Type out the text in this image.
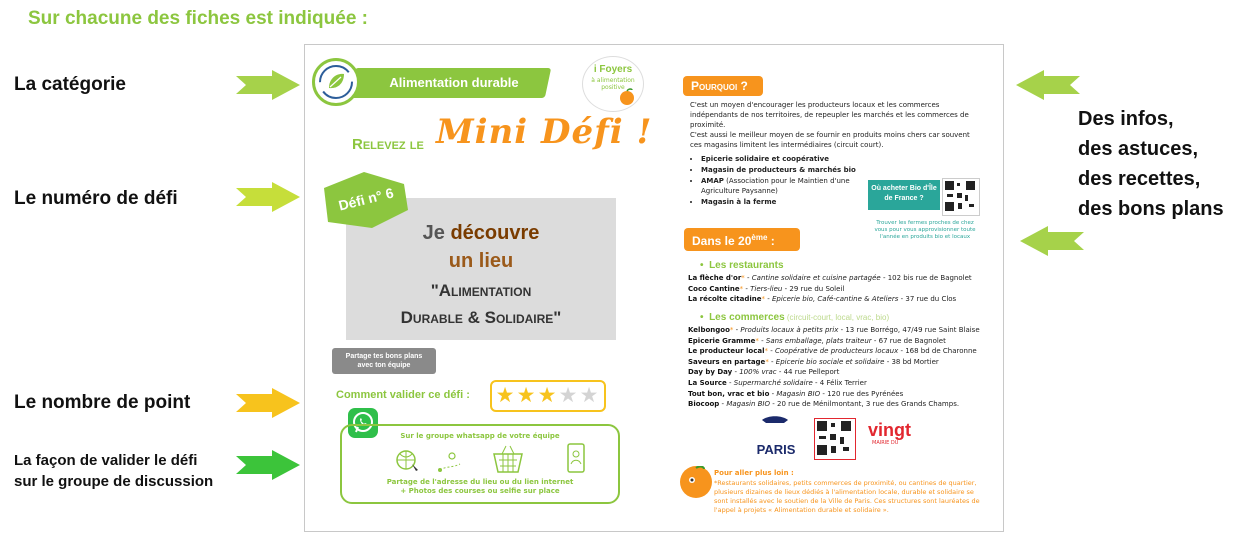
Sur chacune des fiches est indiquée :
La catégorie
Le numéro de défi
Le nombre de point
La façon de valider le défi
sur le groupe de discussion
Des infos,
des astuces,
des recettes,
des bons plans
Alimentation durable
i Foyers
à alimentation positive
Relevez le Mini Défi !
Défi n° 6
Je découvre
un lieu
"Alimentation
Durable & Solidaire"
Partage tes bons plans
avec ton équipe
Comment valider ce défi : ★ ★ ★ ★ ★
Sur le groupe whatsapp de votre équipe
Partage de l'adresse du lieu ou du lien internet
+ Photos des courses ou selfie sur place
Pourquoi ?
C'est un moyen d'encourager les producteurs locaux et les commerces indépendants de nos territoires, de repeupler les marchés et les commerces de proximité.
C'est aussi le meilleur moyen de se fournir en produits moins chers car souvent ces magasins limitent les intermédiaires (circuit court).
• Epicerie solidaire et coopérative
• Magasin de producteurs & marchés bio
• AMAP (Association pour le Maintien d'une Agriculture Paysanne)
• Magasin à la ferme
Où acheter Bio d'Île de France ?
Trouver les fermes proches de chez vous pour vous approvisionner toute l'année en produits bio et locaux
Dans le 20ème :
•  Les restaurants
La flèche d'or* - Cantine solidaire et cuisine partagée - 102 bis rue de Bagnolet
Coco Cantine* - Tiers-lieu - 29 rue du Soleil
La récolte citadine* - Epicerie bio, Café-cantine & Ateliers - 37 rue du Clos
•  Les commerces (circuit-court, local, vrac, bio)
Kelbongoo* - Produits locaux à petits prix - 13 rue Borrégo, 47/49 rue Saint Blaise
Epicerie Gramme* - Sans emballage, plats traiteur - 67 rue de Bagnolet
Le producteur local* - Coopérative de producteurs locaux - 168 bd de Charonne
Saveurs en partage* - Epicerie bio sociale et solidaire - 38 bd Mortier
Day by Day - 100% vrac - 44 rue Pelleport
La Source - Supermarché solidaire - 4 Félix Terrier
Tout bon, vrac et bio - Magasin BIO - 120 rue des Pyrénées
Biocoop - Magasin BIO - 20 rue de Ménilmontant, 3 rue des Grands Champs.
PARIS
vingt
MAIRIE DU
Pour aller plus loin :
*Restaurants solidaires, petits commerces de proximité, ou cantines de quartier, plusieurs dizaines de lieux dédiés à l'alimentation locale, durable et solidaire se sont installés avec le soutien de la Ville de Paris. Ces structures sont lauréates de l'appel à projets « Alimentation durable et solidaire ».
